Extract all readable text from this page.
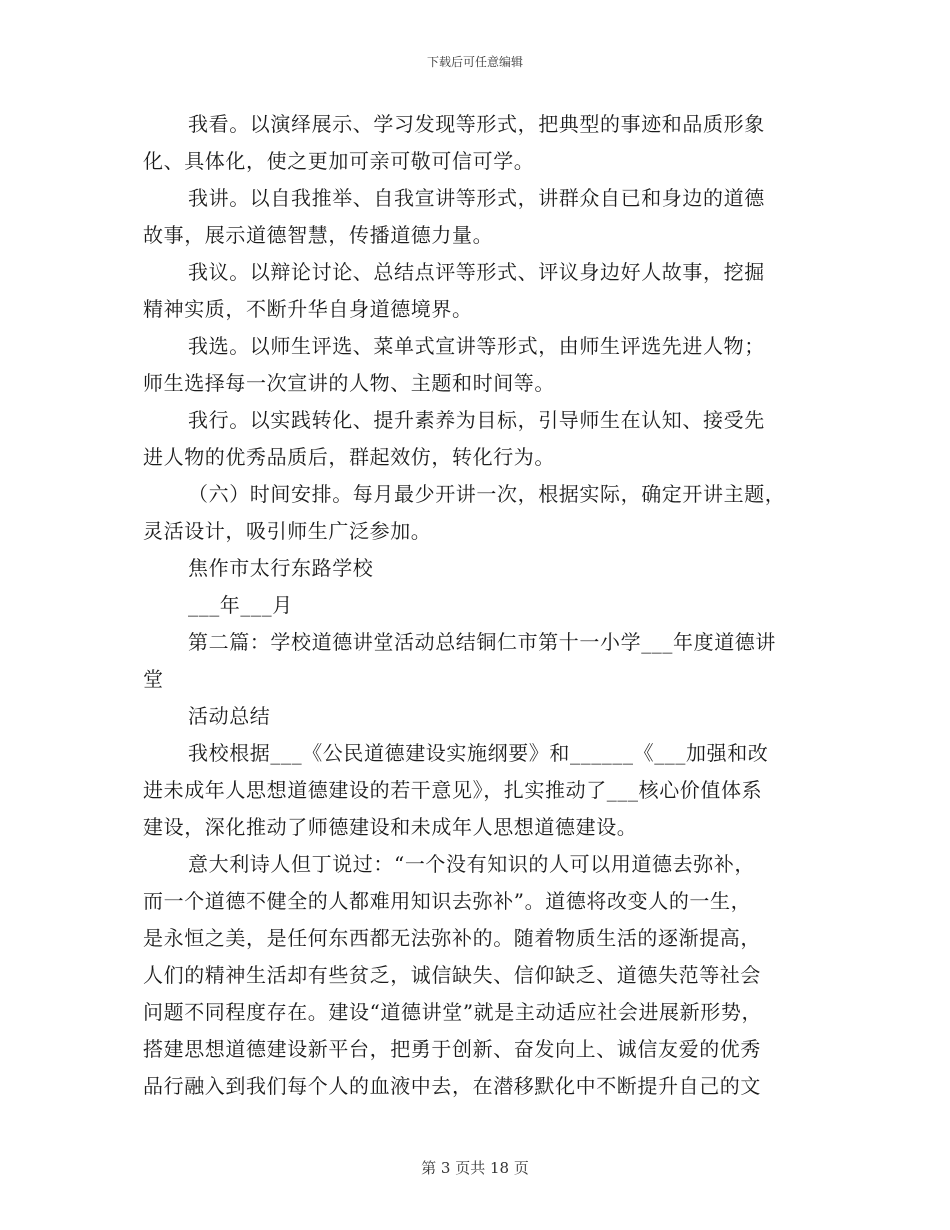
下载后可任意编辑
我看。以演绎展示、学习发现等形式，把典型的事迹和品质形象
化、具体化，使之更加可亲可敬可信可学。
我讲。以自我推举、自我宣讲等形式，讲群众自已和身边的道德
故事，展示道德智慧，传播道德力量。
我议。以辩论讨论、总结点评等形式、评议身边好人故事，挖掘
精神实质，不断升华自身道德境界。
我选。以师生评选、菜单式宣讲等形式，由师生评选先进人物；
师生选择每一次宣讲的人物、主题和时间等。
我行。以实践转化、提升素养为目标，引导师生在认知、接受先
进人物的优秀品质后，群起效仿，转化行为。
（六）时间安排。每月最少开讲一次，根据实际，确定开讲主题，
灵活设计，吸引师生广泛参加。
焦作市太行东路学校
___年___月
第二篇：学校道德讲堂活动总结铜仁市第十一小学___年度道德讲
堂
活动总结
我校根据___《公民道德建设实施纲要》和______《___加强和改
进未成年人思想道德建设的若干意见》，扎实推动了___核心价值体系
建设，深化推动了师德建设和未成年人思想道德建设。
意大利诗人但丁说过：“一个没有知识的人可以用道德去弥补，
而一个道德不健全的人都难用知识去弥补”。道德将改变人的一生，
是永恒之美，是任何东西都无法弥补的。随着物质生活的逐渐提高，
人们的精神生活却有些贫乏，诚信缺失、信仰缺乏、道德失范等社会
问题不同程度存在。建设“道德讲堂”就是主动适应社会进展新形势，
搭建思想道德建设新平台，把勇于创新、奋发向上、诚信友爱的优秀
品行融入到我们每个人的血液中去，在潜移默化中不断提升自己的文
第 3 页共 18 页
